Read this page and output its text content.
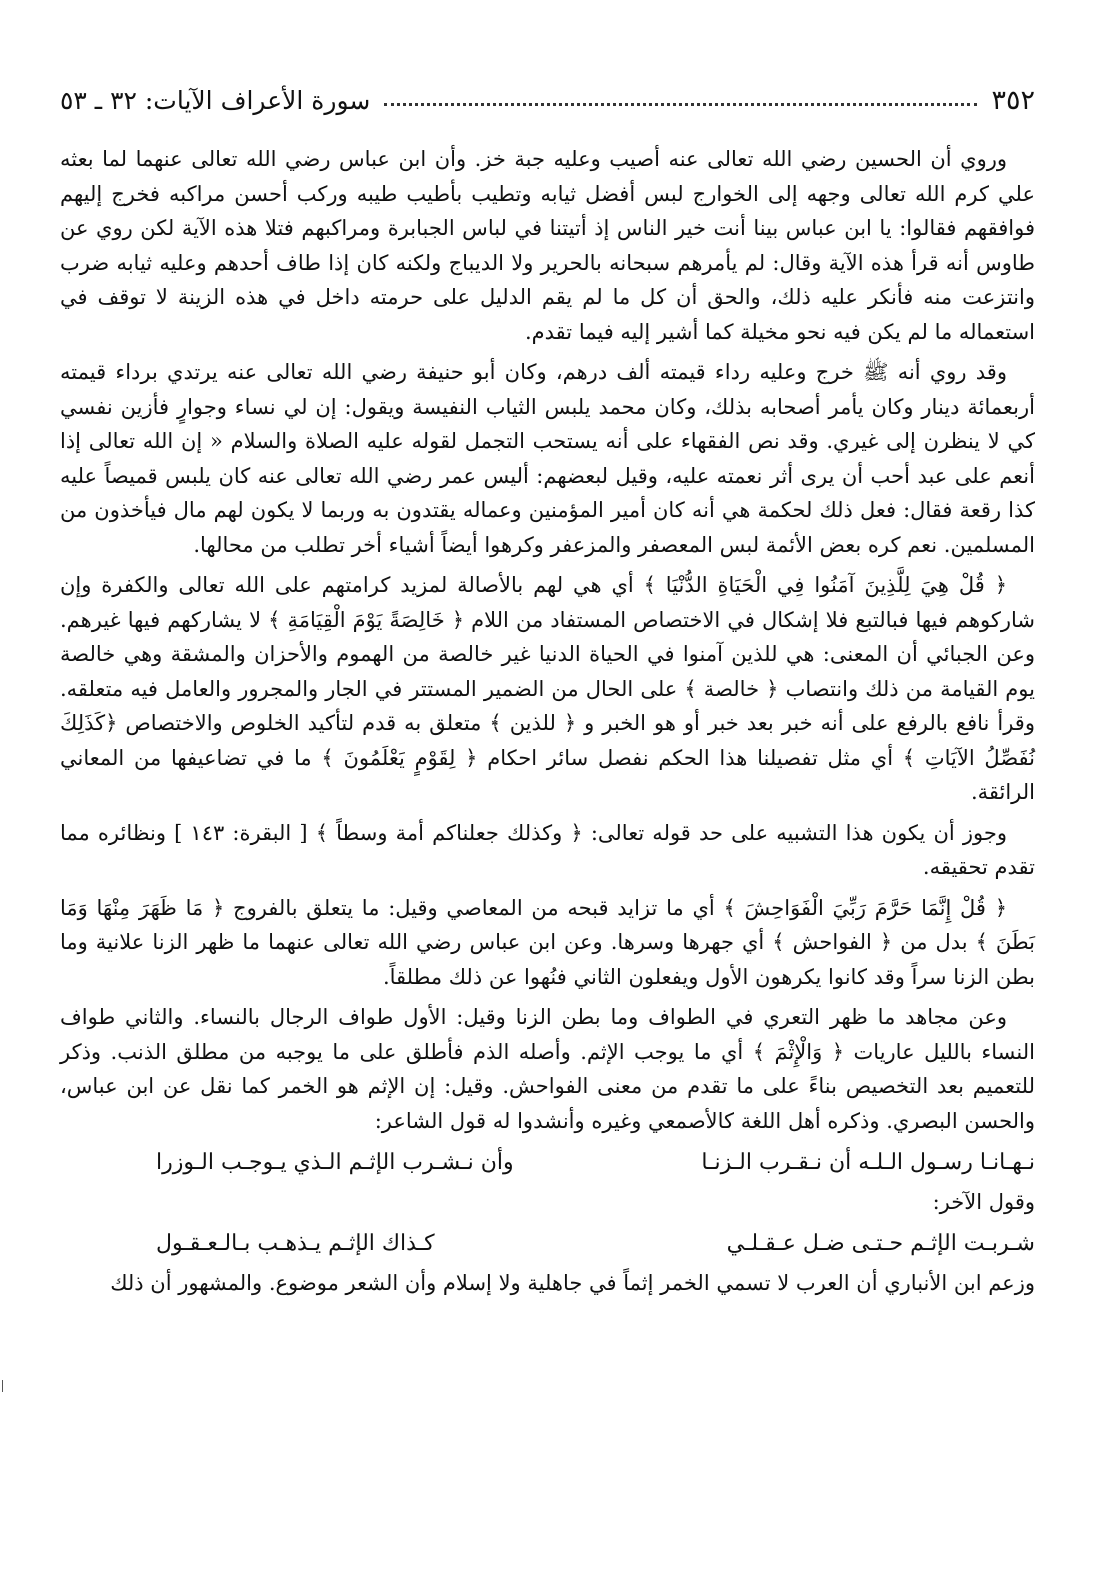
٣٥٢
سورة الأعراف الآيات: ٣٢ ـ ٥٣

وروي أن الحسين رضي الله تعالى عنه أصيب وعليه جبة خز. وأن ابن عباس رضي الله تعالى عنهما لما بعثه علي كرم الله تعالى وجهه إلى الخوارج لبس أفضل ثيابه وتطيب بأطيب طيبه وركب أحسن مراكبه فخرج إليهم فوافقهم فقالوا: يا ابن عباس بينا أنت خير الناس إذ أتيتنا في لباس الجبابرة ومراكبهم فتلا هذه الآية لكن روي عن طاوس أنه قرأ هذه الآية وقال: لم يأمرهم سبحانه بالحرير ولا الديباج ولكنه كان إذا طاف أحدهم وعليه ثيابه ضرب وانتزعت منه فأنكر عليه ذلك، والحق أن كل ما لم يقم الدليل على حرمته داخل في هذه الزينة لا توقف في استعماله ما لم يكن فيه نحو مخيلة كما أشير إليه فيما تقدم.

وقد روي أنه ﷺ خرج وعليه رداء قيمته ألف درهم، وكان أبو حنيفة رضي الله تعالى عنه يرتدي برداء قيمته أربعمائة دينار وكان يأمر أصحابه بذلك، وكان محمد يلبس الثياب النفيسة ويقول: إن لي نساء وجوارٍ فأزين نفسي كي لا ينظرن إلى غيري. وقد نص الفقهاء على أنه يستحب التجمل لقوله عليه الصلاة والسلام « إن الله تعالى إذا أنعم على عبد أحب أن يرى أثر نعمته عليه، وقيل لبعضهم: أليس عمر رضي الله تعالى عنه كان يلبس قميصاً عليه كذا رقعة فقال: فعل ذلك لحكمة هي أنه كان أمير المؤمنين وعماله يقتدون به وربما لا يكون لهم مال فيأخذون من المسلمين. نعم كره بعض الأئمة لبس المعصفر والمزعفر وكرهوا أيضاً أشياء أخر تطلب من محالها.

﴿ قُلْ هِيَ لِلَّذِينَ آمَنُوا فِي الْحَيَاةِ الدُّنْيَا ﴾ أي هي لهم بالأصالة لمزيد كرامتهم على الله تعالى والكفرة وإن شاركوهم فيها فبالتبع فلا إشكال في الاختصاص المستفاد من اللام ﴿ خَالِصَةً يَوْمَ الْقِيَامَةِ ﴾ لا يشاركهم فيها غيرهم. وعن الجبائي أن المعنى: هي للذين آمنوا في الحياة الدنيا غير خالصة من الهموم والأحزان والمشقة وهي خالصة يوم القيامة من ذلك وانتصاب ﴿ خالصة ﴾ على الحال من الضمير المستتر في الجار والمجرور والعامل فيه متعلقه. وقرأ نافع بالرفع على أنه خبر بعد خبر أو هو الخبر و ﴿ للذين ﴾ متعلق به قدم لتأكيد الخلوص والاختصاص ﴿كَذَلِكَ نُفَصِّلُ الآيَاتِ ﴾ أي مثل تفصيلنا هذا الحكم نفصل سائر احكام ﴿ لِقَوْمٍ يَعْلَمُونَ ﴾ ما في تضاعيفها من المعاني الرائقة.

وجوز أن يكون هذا التشبيه على حد قوله تعالى: ﴿ وكذلك جعلناكم أمة وسطاً ﴾ [ البقرة: ١٤٣ ] ونظائره مما تقدم تحقيقه.

﴿ قُلْ إِنَّمَا حَرَّمَ رَبِّيَ الْفَوَاحِشَ ﴾ أي ما تزايد قبحه من المعاصي وقيل: ما يتعلق بالفروج ﴿ مَا ظَهَرَ مِنْهَا وَمَا بَطَنَ ﴾ بدل من ﴿ الفواحش ﴾ أي جهرها وسرها. وعن ابن عباس رضي الله تعالى عنهما ما ظهر الزنا علانية وما بطن الزنا سراً وقد كانوا يكرهون الأول ويفعلون الثاني فنُهوا عن ذلك مطلقاً.

وعن مجاهد ما ظهر التعري في الطواف وما بطن الزنا وقيل: الأول طواف الرجال بالنساء. والثاني طواف النساء بالليل عاريات ﴿ وَالْإِثْمَ ﴾ أي ما يوجب الإثم. وأصله الذم فأطلق على ما يوجبه من مطلق الذنب. وذكر للتعميم بعد التخصيص بناءً على ما تقدم من معنى الفواحش. وقيل: إن الإثم هو الخمر كما نقل عن ابن عباس، والحسن البصري. وذكره أهل اللغة كالأصمعي وغيره وأنشدوا له قول الشاعر:

نـهـانـا رسـول الـلـه أن نـقـرب الـزنـا
وأن نـشـرب الإثـم الـذي يـوجـب الـوزرا

وقول الآخر:

شـربـت الإثـم حـتـى ضـل عـقـلـي
كـذاك الإثـم يـذهـب بـالـعـقـول

وزعم ابن الأنباري أن العرب لا تسمي الخمر إثماً في جاهلية ولا إسلام وأن الشعر موضوع. والمشهور أن ذلك
